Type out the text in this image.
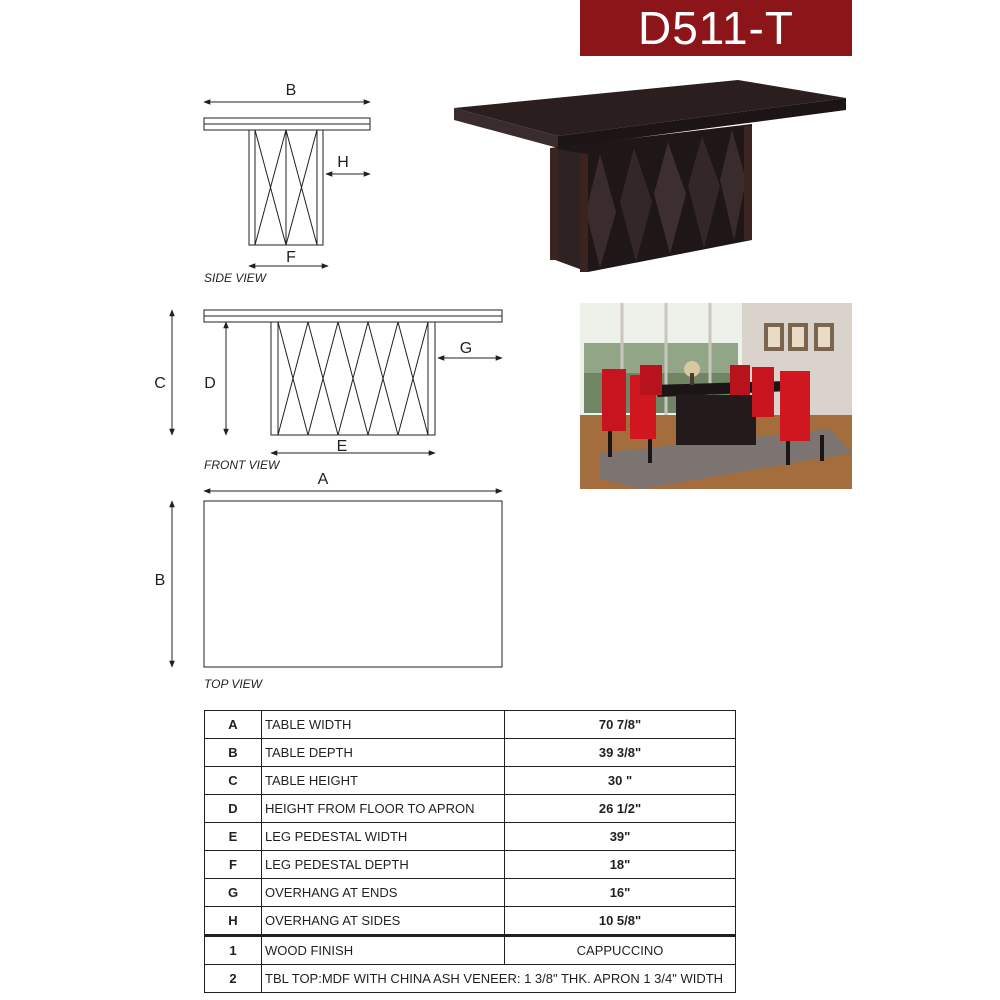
D511-T
B
H
F
SIDE VIEW
C D
G
E
FRONT VIEW
A
B
TOP VIEW
A	TABLE WIDTH	70 7/8"
B	TABLE DEPTH	39 3/8"
C	TABLE HEIGHT	30 "
D	HEIGHT FROM FLOOR TO APRON	26 1/2"
E	LEG PEDESTAL WIDTH	39"
F	LEG PEDESTAL DEPTH	18"
G	OVERHANG AT ENDS	16"
H	OVERHANG AT SIDES	10 5/8"
1	WOOD FINISH	CAPPUCCINO
2	TBL TOP:MDF WITH CHINA ASH VENEER: 1 3/8" THK. APRON 1 3/4" WIDTH	
